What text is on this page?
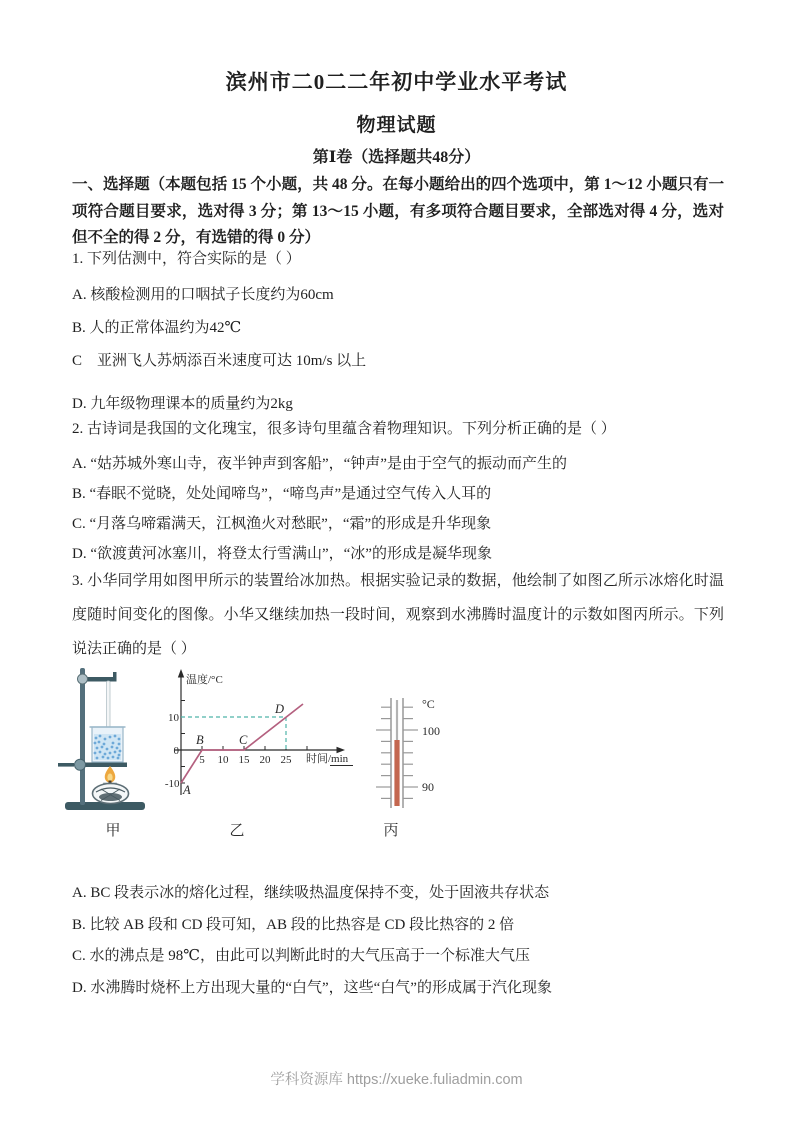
滨州市二0二二年初中学业水平考试
物理试题
第Ⅰ卷（选择题共48分）
一、选择题（本题包括 15 个小题，共 48 分。在每小题给出的四个选项中，第 1～12 小题只有一项符合题目要求，选对得 3 分；第 13～15 小题，有多项符合题目要求，全部选对得 4 分，选对但不全的得 2 分，有选错的得 0 分）
1. 下列估测中，符合实际的是（ ）
A. 核酸检测用的口咽拭子长度约为60cm
B. 人的正常体温约为42℃
C　亚洲飞人苏炳添百米速度可达 10m/s 以上
D. 九年级物理课本的质量约为2kg
2. 古诗词是我国的文化瑰宝，很多诗句里蕴含着物理知识。下列分析正确的是（ ）
A. “姑苏城外寒山寺，夜半钟声到客船”，“钟声”是由于空气的振动而产生的
B. “春眠不觉晓，处处闻啼鸟”，“啼鸟声”是通过空气传入人耳的
C. “月落乌啼霜满天，江枫渔火对愁眠”，“霜”的形成是升华现象
D. “欲渡黄河冰塞川，将登太行雪满山”，“冰”的形成是凝华现象
3. 小华同学用如图甲所示的装置给冰加热。根据实验记录的数据，他绘制了如图乙所示冰熔化时温度随时间变化的图像。小华又继续加热一段时间，观察到水沸腾时温度计的示数如图丙所示。下列说法正确的是（ ）
温度/°C
时间/min
10
0
-10
5 10 15 20 25
A
B	C
D	°C
100
90
甲	乙	丙
A. BC 段表示冰的熔化过程，继续吸热温度保持不变，处于固液共存状态
B. 比较 AB 段和 CD 段可知，AB 段的比热容是 CD 段比热容的 2 倍
C. 水的沸点是 98℃，由此可以判断此时的大气压高于一个标准大气压
D. 水沸腾时烧杯上方出现大量的“白气”，这些“白气”的形成属于汽化现象
学科资源库 https://xueke.fuliadmin.com
